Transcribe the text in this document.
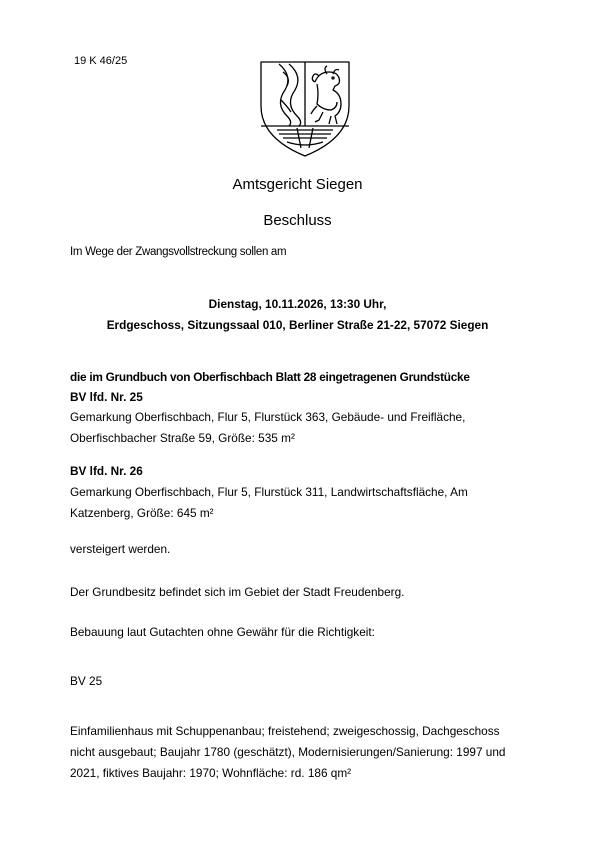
19 K 46/25
Amtsgericht Siegen
Beschluss
Im Wege der Zwangsvollstreckung sollen am
Dienstag, 10.11.2026, 13:30 Uhr,
Erdgeschoss, Sitzungssaal 010, Berliner Straße 21-22, 57072 Siegen
die im Grundbuch von Oberfischbach Blatt 28 eingetragenen Grundstücke
BV lfd. Nr. 25
Gemarkung Oberfischbach, Flur 5, Flurstück 363, Gebäude- und Freifläche,
Oberfischbacher Straße 59, Größe: 535 m²
BV lfd. Nr. 26
Gemarkung Oberfischbach, Flur 5, Flurstück 311, Landwirtschaftsfläche, Am
Katzenberg, Größe: 645 m²
versteigert werden.
Der Grundbesitz befindet sich im Gebiet der Stadt Freudenberg.
Bebauung laut Gutachten ohne Gewähr für die Richtigkeit:
BV 25
Einfamilienhaus mit Schuppenanbau; freistehend; zweigeschossig, Dachgeschoss nicht ausgebaut; Baujahr 1780 (geschätzt), Modernisierungen/Sanierung: 1997 und 2021, fiktives Baujahr: 1970; Wohnfläche: rd. 186 qm²
